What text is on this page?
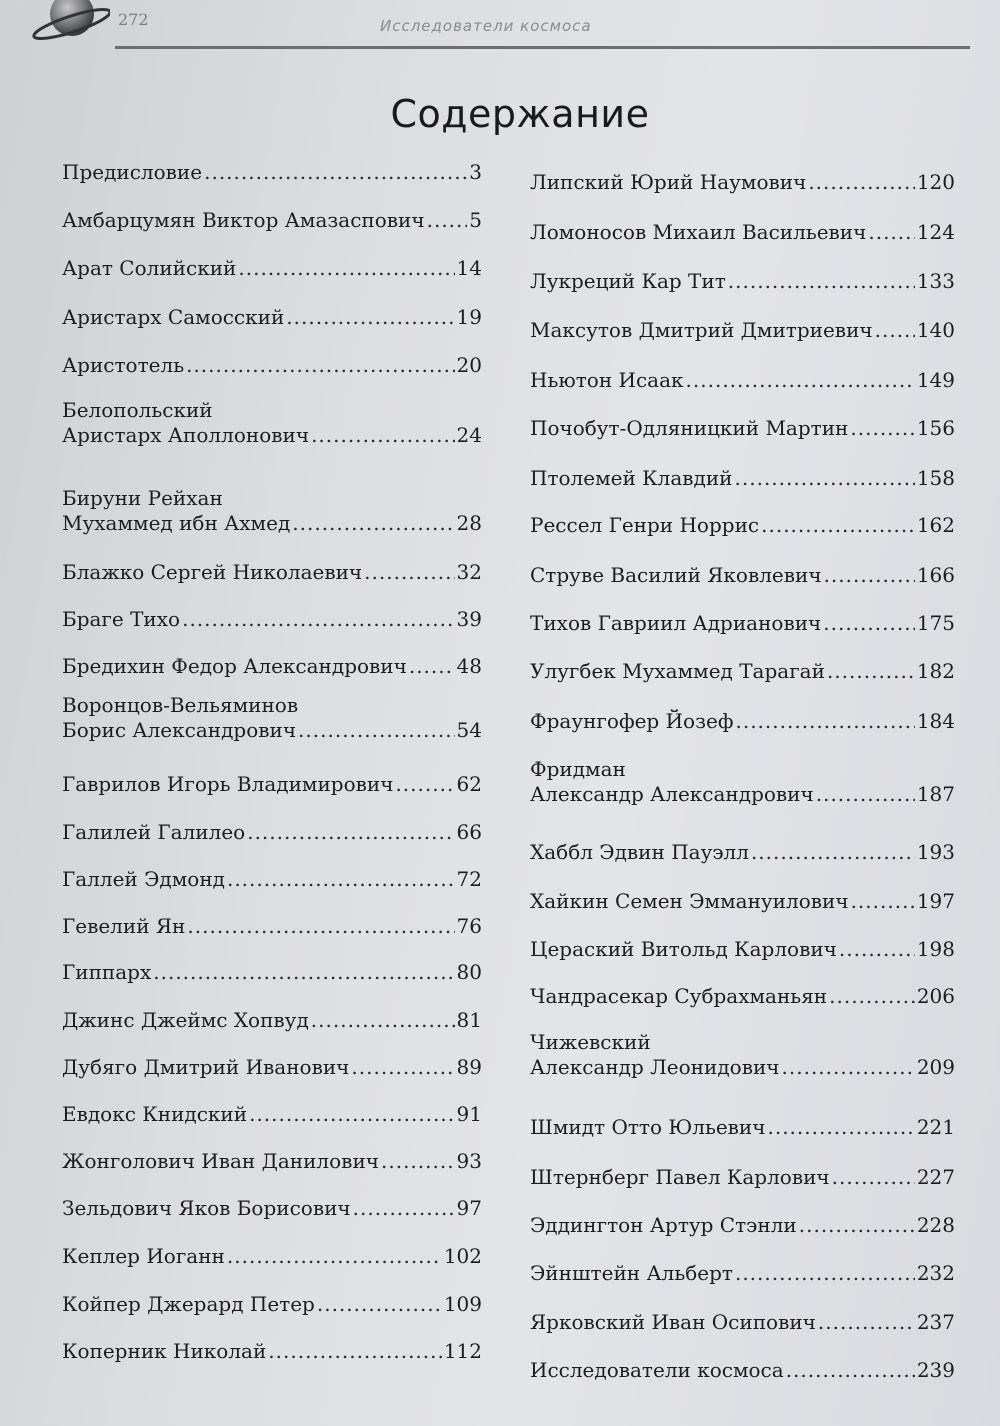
272	Исследователи космоса
Содержание
Предисловие .....	3
Амбарцумян Виктор Амазаспович ..... 5
Арат Солийский .....	14
Аристарх Самосский .....	19
Аристотель .....	20
Белопольский
Аристарх Аполлонович .....	24
Бируни Рейхан
Мухаммед ибн Ахмед .....	28
Блажко Сергей Николаевич .....	32
Браге Тихо .....	39
Бредихин Федор Александрович ..... 48
Воронцов-Вельяминов
Борис Александрович .....	54
Гаврилов Игорь Владимирович .....	62
Галилей Галилео .....	66
Галлей Эдмонд .....	72
Гевелий Ян .....	76
Гиппарх .....	80
Джинс Джеймс Хопвуд .....	81
Дубяго Дмитрий Иванович .....	89
Евдокс Книдский .....	91
Жонголович Иван Данилович .....	93
Зельдович Яков Борисович .....	97
Кеплер Иоганн .....	102
Койпер Джерард Петер .....	109
Коперник Николай .....	112
Липский Юрий Наумович .....	120
Ломоносов Михаил Васильевич .....	124
Лукреций Кар Тит .....	133
Максутов Дмитрий Дмитриевич ..... 140
Ньютон Исаак .....	149
Почобут-Одляницкий Мартин .....	156
Птолемей Клавдий .....	158
Рессел Генри Норрис .....	162
Струве Василий Яковлевич .....	166
Тихов Гавриил Адрианович .....	175
Улугбек Мухаммед Тарагай .....	182
Фраунгофер Йозеф .....	184
Фридман
Александр Александрович .....	187
Хаббл Эдвин Пауэлл .....	193
Хайкин Семен Эммануилович .....	197
Цераский Витольд Карлович .....	198
Чандрасекар Субрахманьян .....	206
Чижевский
Александр Леонидович .....	209
Шмидт Отто Юльевич .....	221
Штернберг Павел Карлович .....	227
Эддингтон Артур Стэнли .....	228
Эйнштейн Альберт .....	232
Ярковский Иван Осипович .....	237
Исследователи космоса .....	239
